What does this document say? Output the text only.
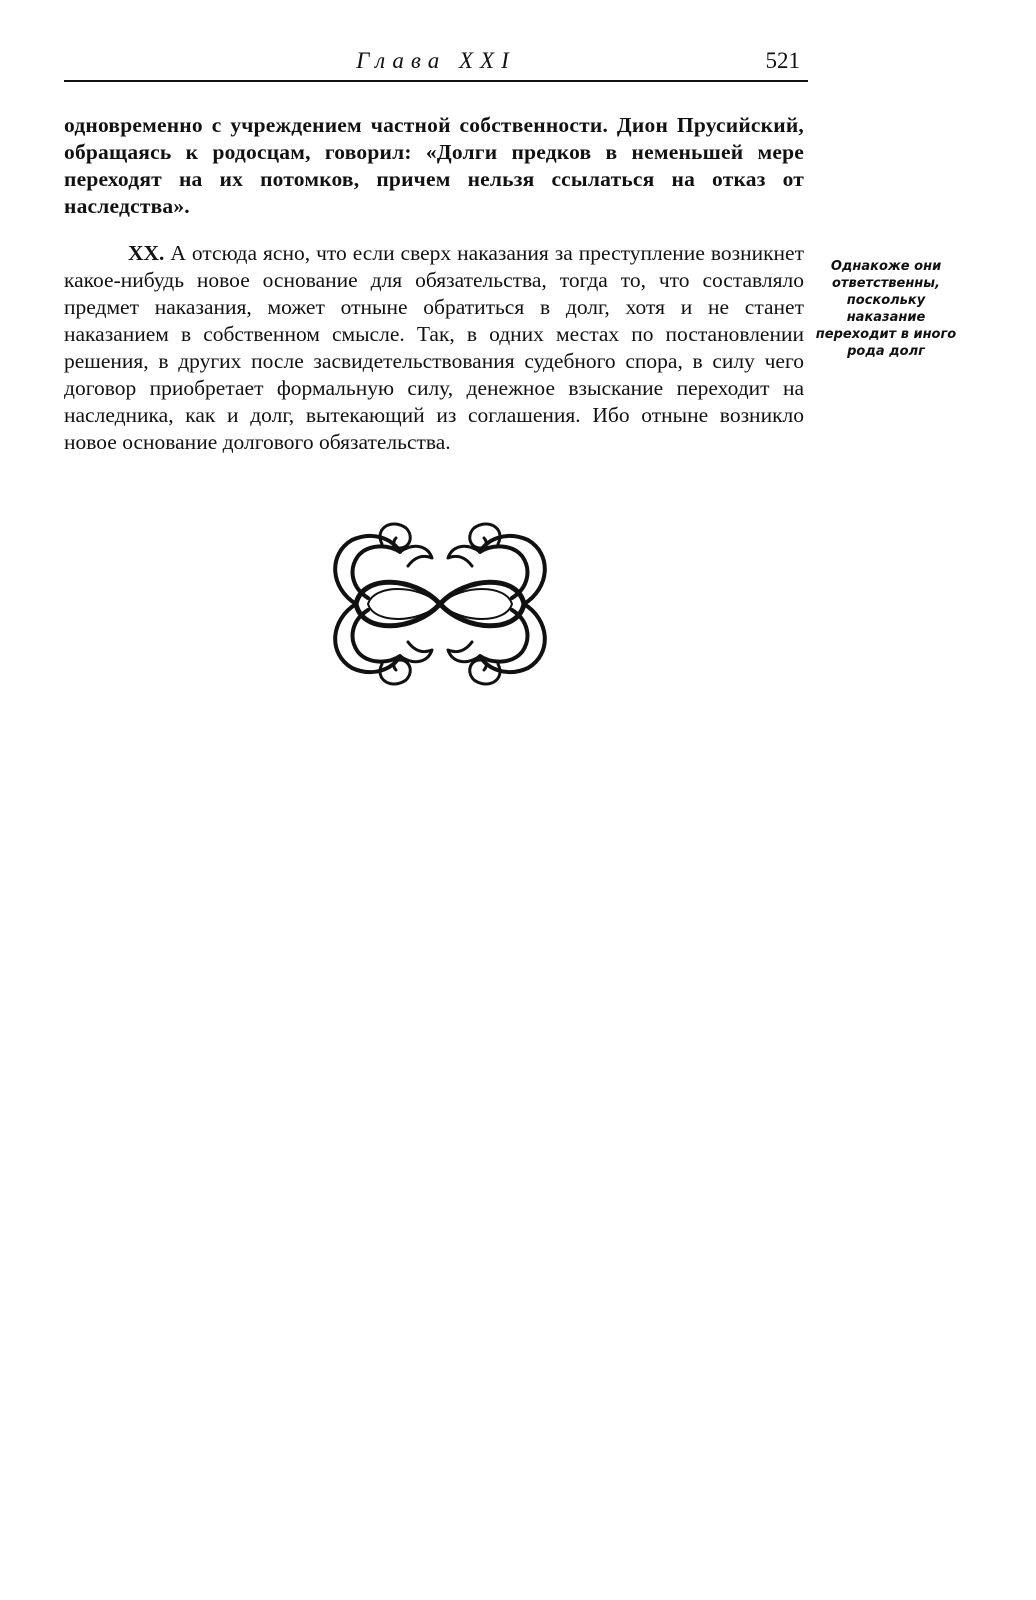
Глава XXI	521

одновременно с учреждением частной собственности. Дион Прусийский, обращаясь к родосцам, говорил: «Долги предков в неменьшей мере переходят на их потомков, причем нельзя ссылаться на отказ от наследства».

XX. А отсюда ясно, что если сверх наказания за преступление возникнет какое-нибудь новое основание для обязательства, тогда то, что составляло предмет наказания, может отныне обратиться в долг, хотя и не станет наказанием в собственном смысле. Так, в одних местах по постановлении решения, в других после засвидетельствования судебного спора, в силу чего договор приобретает формальную силу, денежное взыскание переходит на наследника, как и долг, вытекающий из соглашения. Ибо отныне возникло новое основание долгового обязательства.

Однакоже они ответственны, поскольку наказание переходит в иного рода долг
